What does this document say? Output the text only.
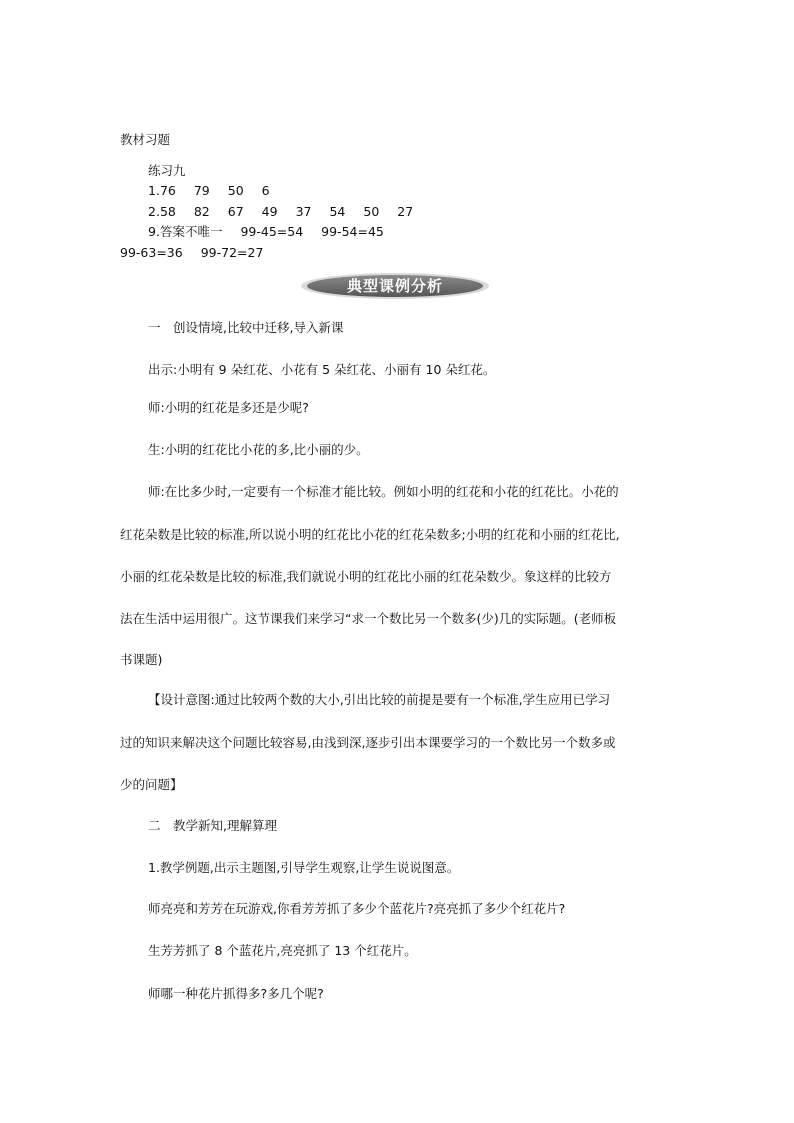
教材习题
练习九
1.76 79 50 6
2.58 82 67 49 37 54 50 27
9.答案不唯一 99-45=54 99-54=45
99-63=36 99-72=27
典型课例分析
一　创设情境,比较中迁移,导入新课
出示:小明有 9 朵红花、小花有 5 朵红花、小丽有 10 朵红花。
师:小明的红花是多还是少呢?
生:小明的红花比小花的多,比小丽的少。
师:在比多少时,一定要有一个标准才能比较。例如小明的红花和小花的红花比。小花的
红花朵数是比较的标准,所以说小明的红花比小花的红花朵数多;小明的红花和小丽的红花比,
小丽的红花朵数是比较的标准,我们就说小明的红花比小丽的红花朵数少。象这样的比较方
法在生活中运用很广。这节课我们来学习“求一个数比另一个数多(少)几的实际题。(老师板
书课题)
【设计意图:通过比较两个数的大小,引出比较的前提是要有一个标准,学生应用已学习
过的知识来解决这个问题比较容易,由浅到深,逐步引出本课要学习的一个数比另一个数多或
少的问题】
二　教学新知,理解算理
1.教学例题,出示主题图,引导学生观察,让学生说说图意。
师亮亮和芳芳在玩游戏,你看芳芳抓了多少个蓝花片?亮亮抓了多少个红花片?
生芳芳抓了 8 个蓝花片,亮亮抓了 13 个红花片。
师哪一种花片抓得多?多几个呢?
